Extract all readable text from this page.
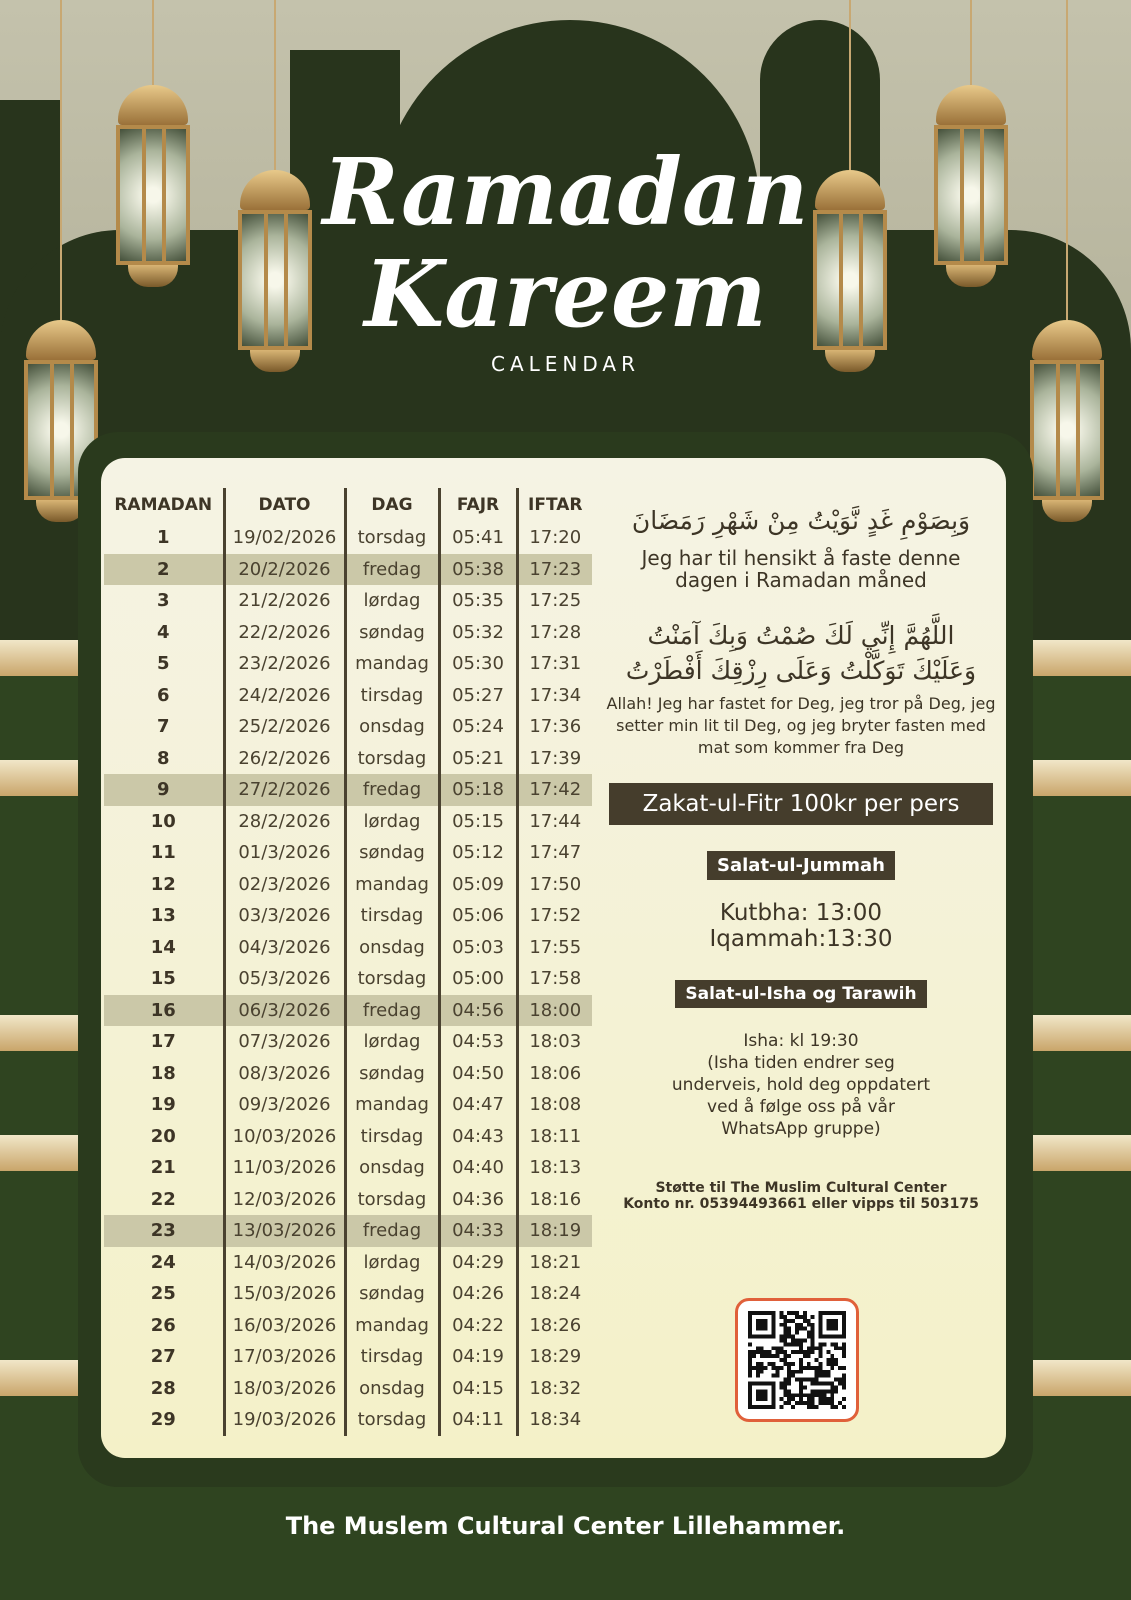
Ramadan
Kareem
CALENDAR
RAMADAN	DATO	DAG	FAJR	IFTAR
1	19/02/2026	torsdag	05:41	17:20
2	20/2/2026	fredag	05:38	17:23
3	21/2/2026	lørdag	05:35	17:25
4	22/2/2026	søndag	05:32	17:28
5	23/2/2026	mandag	05:30	17:31
6	24/2/2026	tirsdag	05:27	17:34
7	25/2/2026	onsdag	05:24	17:36
8	26/2/2026	torsdag	05:21	17:39
9	27/2/2026	fredag	05:18	17:42
10	28/2/2026	lørdag	05:15	17:44
11	01/3/2026	søndag	05:12	17:47
12	02/3/2026	mandag	05:09	17:50
13	03/3/2026	tirsdag	05:06	17:52
14	04/3/2026	onsdag	05:03	17:55
15	05/3/2026	torsdag	05:00	17:58
16	06/3/2026	fredag	04:56	18:00
17	07/3/2026	lørdag	04:53	18:03
18	08/3/2026	søndag	04:50	18:06
19	09/3/2026	mandag	04:47	18:08
20	10/03/2026	tirsdag	04:43	18:11
21	11/03/2026	onsdag	04:40	18:13
22	12/03/2026	torsdag	04:36	18:16
23	13/03/2026	fredag	04:33	18:19
24	14/03/2026	lørdag	04:29	18:21
25	15/03/2026	søndag	04:26	18:24
26	16/03/2026	mandag	04:22	18:26
27	17/03/2026	tirsdag	04:19	18:29
28	18/03/2026	onsdag	04:15	18:32
29	19/03/2026	torsdag	04:11	18:34
وَبِصَوْمِ غَدٍ نَّوَيْتُ مِنْ شَهْرِ رَمَضَانَ
Jeg har til hensikt å faste denne dagen i Ramadan måned
اللَّهُمَّ إِنِّي لَكَ صُمْتُ وَبِكَ آمَنْتُ
وَعَلَيْكَ تَوَكَّلْتُ وَعَلَى رِزْقِكَ أَفْطَرْتُ
Allah! Jeg har fastet for Deg, jeg tror på Deg, jeg setter min lit til Deg, og jeg bryter fasten med mat som kommer fra Deg
Zakat-ul-Fitr 100kr per pers
Salat-ul-Jummah
Kutbha: 13:00
Iqammah:13:30
Salat-ul-Isha og Tarawih
Isha: kl 19:30
(Isha tiden endrer seg underveis, hold deg oppdatert ved å følge oss på vår WhatsApp gruppe)
Støtte til The Muslim Cultural Center
Konto nr. 05394493661 eller vipps til 503175
The Muslem Cultural Center Lillehammer.
